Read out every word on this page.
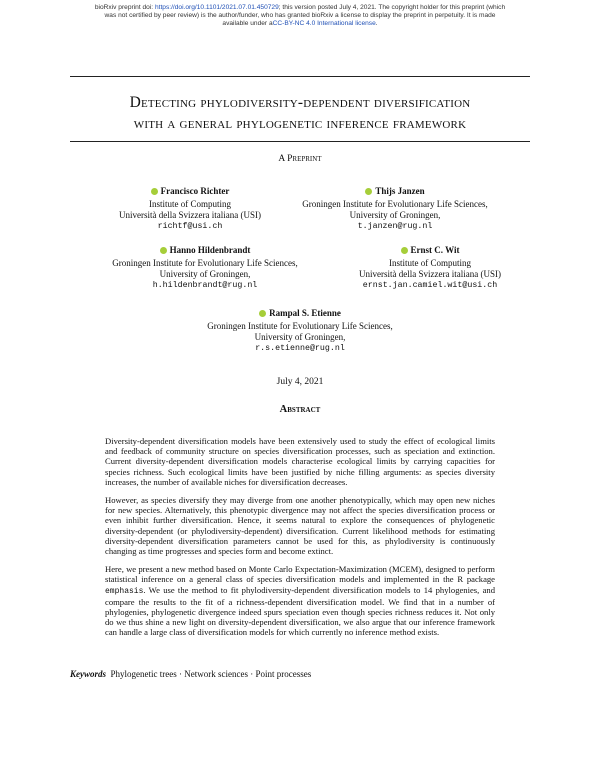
bioRxiv preprint doi: https://doi.org/10.1101/2021.07.01.450729; this version posted July 4, 2021. The copyright holder for this preprint (which
was not certified by peer review) is the author/funder, who has granted bioRxiv a license to display the preprint in perpetuity. It is made
available under aCC-BY-NC 4.0 International license.
Detecting phylodiversity-dependent diversification
with a general phylogenetic inference framework
A Preprint
Francisco Richter
Institute of Computing
Università della Svizzera italiana (USI)
richtf@usi.ch
Thijs Janzen
Groningen Institute for Evolutionary Life Sciences,
University of Groningen,
t.janzen@rug.nl
Hanno Hildenbrandt
Groningen Institute for Evolutionary Life Sciences,
University of Groningen,
h.hildenbrandt@rug.nl
Ernst C. Wit
Institute of Computing
Università della Svizzera italiana (USI)
ernst.jan.camiel.wit@usi.ch
Rampal S. Etienne
Groningen Institute for Evolutionary Life Sciences,
University of Groningen,
r.s.etienne@rug.nl
July 4, 2021
Abstract

Diversity-dependent diversification models have been extensively used to study the effect of ecological limits and feedback of community structure on species diversification processes, such as speciation and extinction. Current diversity-dependent diversification models characterise ecological limits by carrying capacities for species richness. Such ecological limits have been justified by niche filling arguments: as species diversity increases, the number of available niches for diversification decreases.

However, as species diversify they may diverge from one another phenotypically, which may open new niches for new species. Alternatively, this phenotypic divergence may not affect the species diversification process or even inhibit further diversification. Hence, it seems natural to explore the consequences of phylogenetic diversity-dependent (or phylodiversity-dependent) diversification. Current likelihood methods for estimating diversity-dependent diversification parameters cannot be used for this, as phylodiversity is continuously changing as time progresses and species form and become extinct.

Here, we present a new method based on Monte Carlo Expectation-Maximization (MCEM), designed to perform statistical inference on a general class of species diversification models and implemented in the R package emphasis. We use the method to fit phylodiversity-dependent diversification models to 14 phylogenies, and compare the results to the fit of a richness-dependent diversification model. We find that in a number of phylogenies, phylogenetic divergence indeed spurs speciation even though species richness reduces it. Not only do we thus shine a new light on diversity-dependent diversification, we also argue that our inference framework can handle a large class of diversification models for which currently no inference method exists.

Keywords Phylogenetic trees · Network sciences · Point processes
